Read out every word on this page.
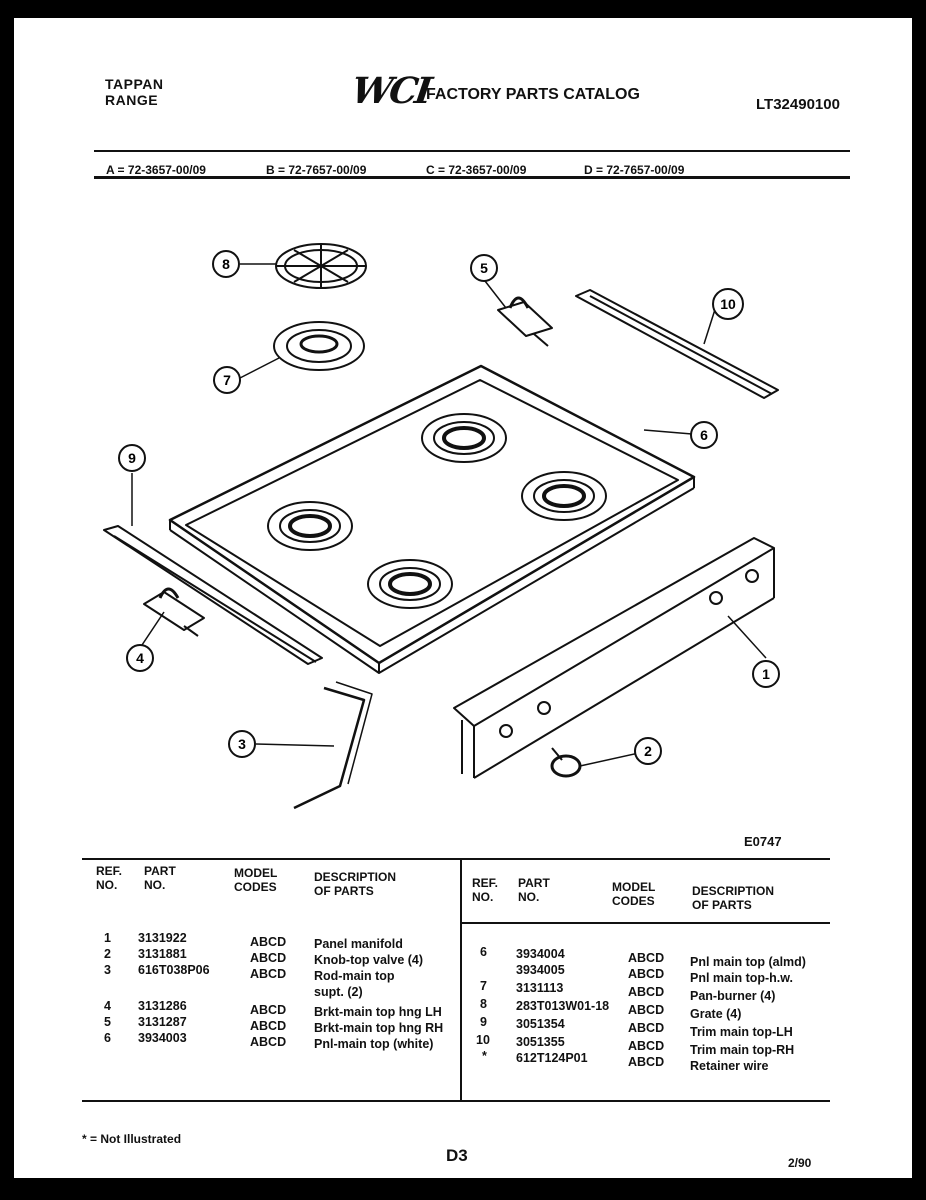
TAPPAN
RANGE	WCI
FACTORY PARTS CATALOG
LT32490100
A = 72-3657-00/09	B = 72-7657-00/09	C = 72-3657-00/09	D = 72-7657-00/09
8
7
5
10
6
9
4
1
2
3
E0747
REF.
NO.
PART
NO.
MODEL
CODES
DESCRIPTION
OF PARTS
REF.
NO.
PART
NO.
MODEL
CODES
DESCRIPTION
OF PARTS
1 3131922	ABCD Panel manifold
2 3131881	ABCD Knob-top valve (4)
3 616T038P06	ABCD Rod-main top
supt. (2)
4 3131286	ABCD Brkt-main top hng LH
5 3131287	ABCD Brkt-main top hng RH
6 3934003	ABCD Pnl-main top (white)
6 3934004	ABCD Pnl main top (almd)
3934005	ABCD Pnl main top-h.w.
7 3131113	ABCD Pan-burner (4)
8 283T013W01-18 ABCD Grate (4)
9 3051354	ABCD Trim main top-LH
10 3051355	ABCD Trim main top-RH
* 612T124P01	ABCD Retainer wire
* = Not Illustrated
D3	2/90
